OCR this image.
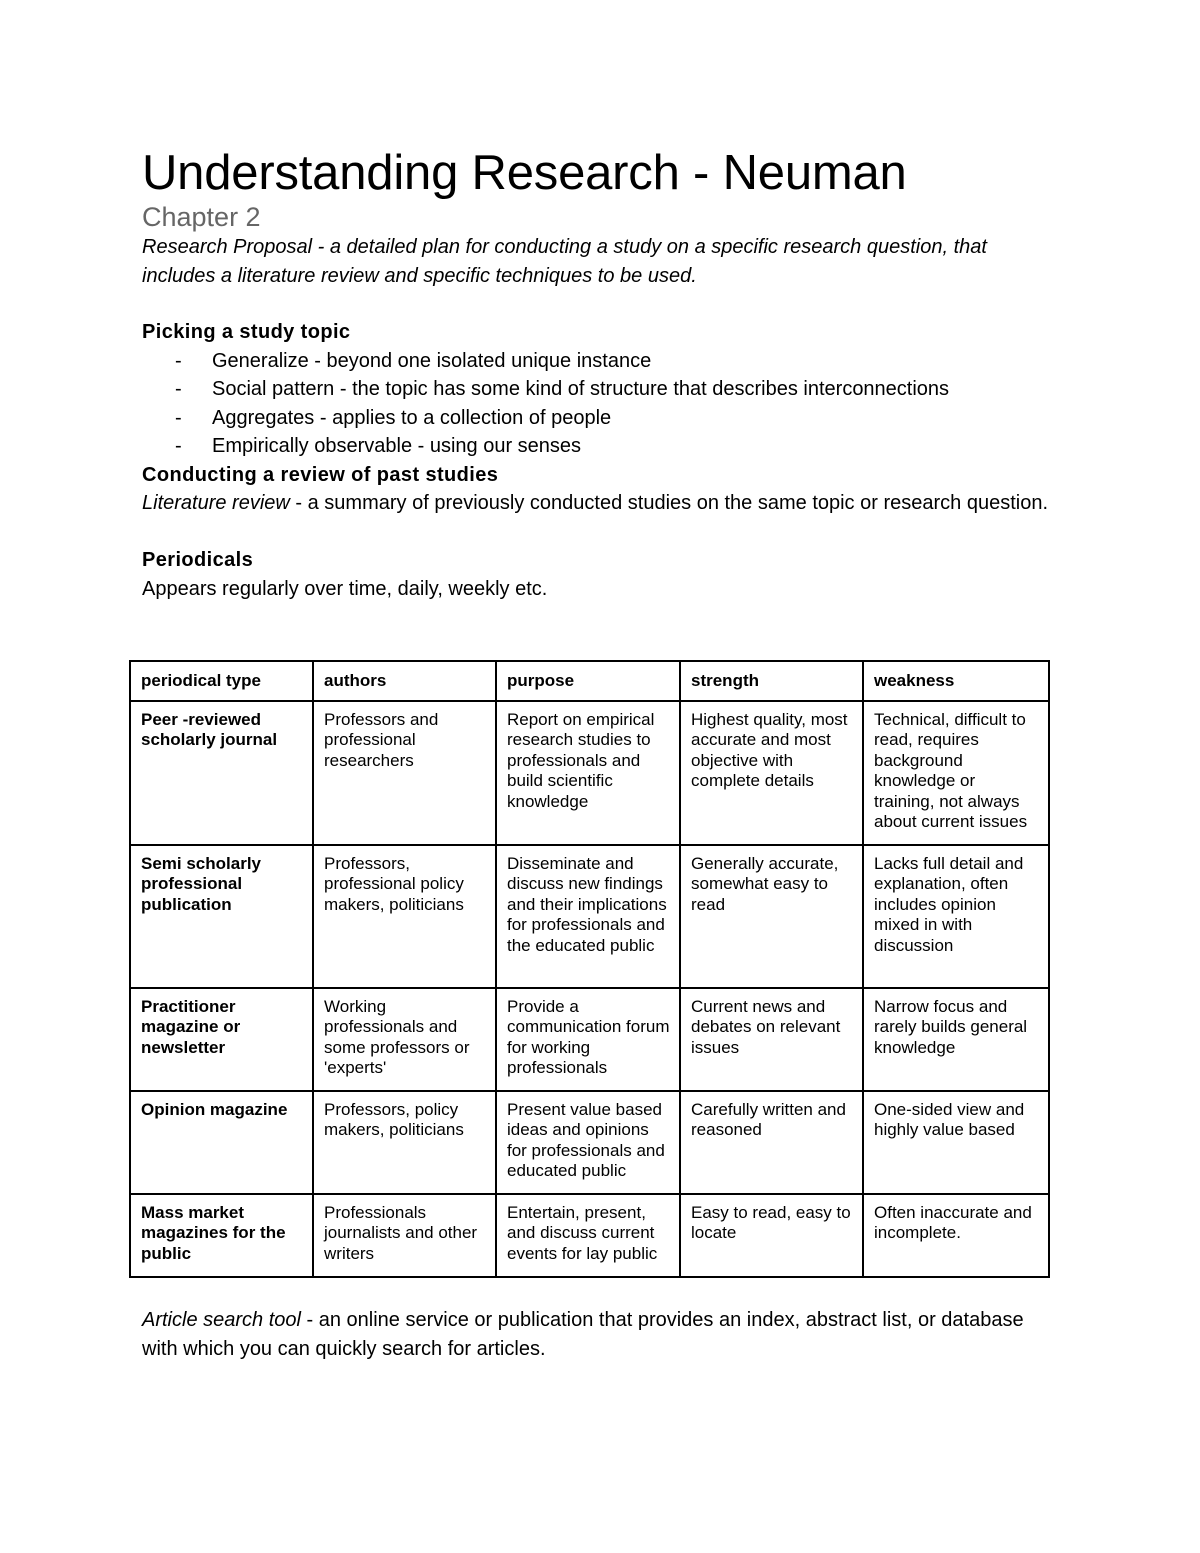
Understanding Research - Neuman
Chapter 2

Research Proposal - a detailed plan for conducting a study on a specific research question, that includes a literature review and specific techniques to be used.

Picking a study topic

- Generalize - beyond one isolated unique instance
- Social pattern - the topic has some kind of structure that describes interconnections
- Aggregates - applies to a collection of people
- Empirically observable - using our senses

Conducting a review of past studies

Literature review - a summary of previously conducted studies on the same topic or research question.

Periodicals

Appears regularly over time, daily, weekly etc.

Article search tool - an online service or publication that provides an index, abstract list, or database with which you can quickly search for articles.

periodical type	authors	purpose	strength	weakness
Peer -reviewed scholarly journal	Professors and professional researchers	Report on empirical research studies to professionals and build scientific knowledge	Highest quality, most accurate and most objective with complete details	Technical, difficult to read, requires background knowledge or training, not always about current issues
Semi scholarly professional publication	Professors, professional policy makers, politicians	Disseminate and discuss new findings and their implications for professionals and the educated public	Generally accurate, somewhat easy to read	Lacks full detail and explanation, often includes opinion mixed in with discussion
Practitioner magazine or newsletter	Working professionals and some professors or 'experts'	Provide a communication forum for working professionals	Current news and debates on relevant issues	Narrow focus and rarely builds general knowledge
Opinion magazine	Professors, policy makers, politicians	Present value based ideas and opinions for professionals and educated public	Carefully written and reasoned	One-sided view and highly value based
Mass market magazines for the public	Professionals journalists and other writers	Entertain, present, and discuss current events for lay public	Easy to read, easy to locate	Often inaccurate and incomplete.
